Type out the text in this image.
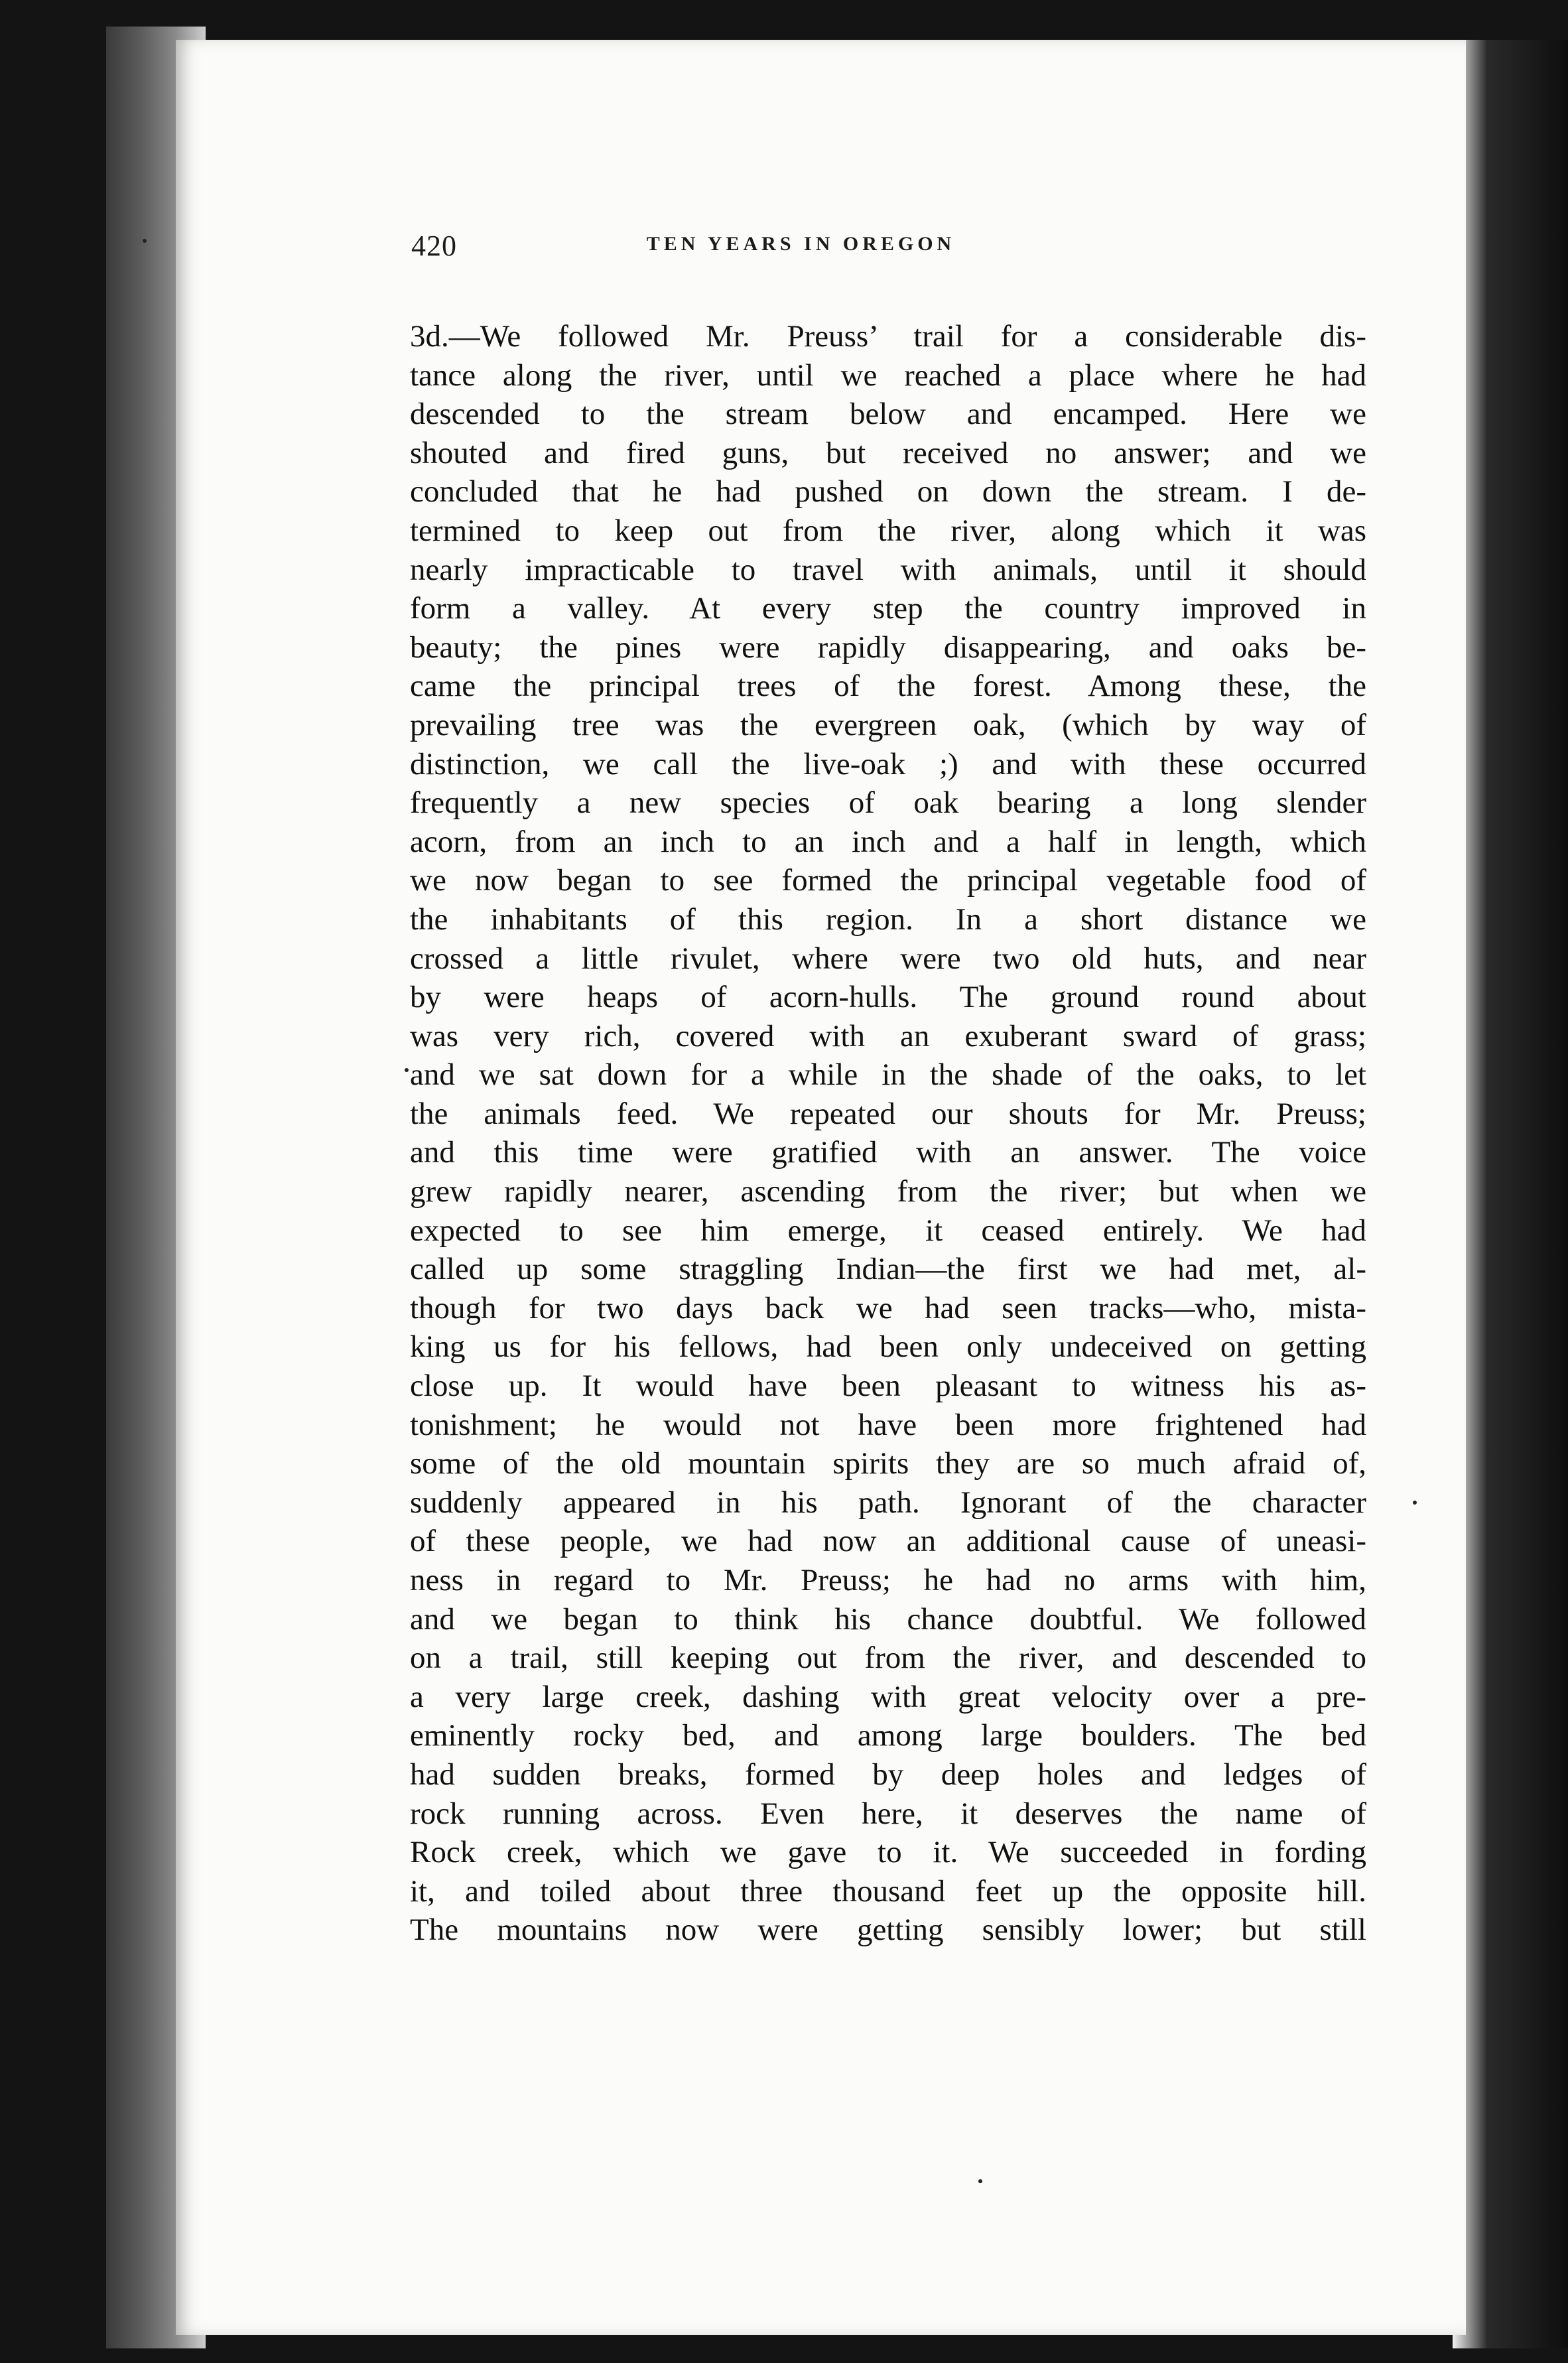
420	TEN YEARS IN OREGON
3d.—We followed Mr. Preuss’ trail for a considerable dis-
tance along the river, until we reached a place where he had
descended to the stream below and encamped. Here we
shouted and fired guns, but received no answer; and we
concluded that he had pushed on down the stream. I de-
termined to keep out from the river, along which it was
nearly impracticable to travel with animals, until it should
form a valley. At every step the country improved in
beauty; the pines were rapidly disappearing, and oaks be-
came the principal trees of the forest. Among these, the
prevailing tree was the evergreen oak, (which by way of
distinction, we call the live-oak ;) and with these occurred
frequently a new species of oak bearing a long slender
acorn, from an inch to an inch and a half in length, which
we now began to see formed the principal vegetable food of
the inhabitants of this region. In a short distance we
crossed a little rivulet, where were two old huts, and near
by were heaps of acorn-hulls. The ground round about
was very rich, covered with an exuberant sward of grass;
and we sat down for a while in the shade of the oaks, to let
the animals feed. We repeated our shouts for Mr. Preuss;
and this time were gratified with an answer. The voice
grew rapidly nearer, ascending from the river; but when we
expected to see him emerge, it ceased entirely. We had
called up some straggling Indian—the first we had met, al-
though for two days back we had seen tracks—who, mista-
king us for his fellows, had been only undeceived on getting
close up. It would have been pleasant to witness his as-
tonishment; he would not have been more frightened had
some of the old mountain spirits they are so much afraid of,
suddenly appeared in his path. Ignorant of the character
of these people, we had now an additional cause of uneasi-
ness in regard to Mr. Preuss; he had no arms with him,
and we began to think his chance doubtful. We followed
on a trail, still keeping out from the river, and descended to
a very large creek, dashing with great velocity over a pre-
eminently rocky bed, and among large boulders. The bed
had sudden breaks, formed by deep holes and ledges of
rock running across. Even here, it deserves the name of
Rock creek, which we gave to it. We succeeded in fording
it, and toiled about three thousand feet up the opposite hill.
The mountains now were getting sensibly lower; but still
